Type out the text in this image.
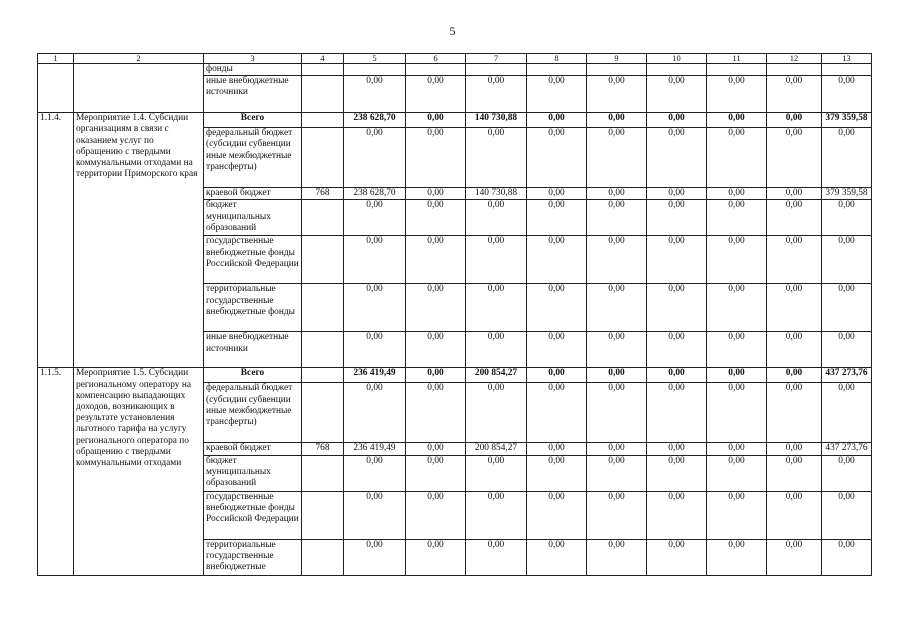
5
1	2	3	4	5	6	7	8	9	10	11	12	13
		фонды										
		иные внебюджетные источники		0,00	0,00	0,00	0,00	0,00	0,00	0,00	0,00	0,00
1.1.4.	Мероприятие 1.4. Субсидии организациям в связи с оказанием услуг по обращению с твердыми коммунальными отходами на территории Приморского края	Всего		238 628,70	0,00	140 730,88	0,00	0,00	0,00	0,00	0,00	379 359,58
		федеральный бюджет (субсидии субвенции иные межбюджетные трансферты)		0,00	0,00	0,00	0,00	0,00	0,00	0,00	0,00	0,00
		краевой бюджет	768	238 628,70	0,00	140 730,88	0,00	0,00	0,00	0,00	0,00	379 359,58
		бюджет муниципальных образований		0,00	0,00	0,00	0,00	0,00	0,00	0,00	0,00	0,00
		государственные внебюджетные фонды Российской Федерации		0,00	0,00	0,00	0,00	0,00	0,00	0,00	0,00	0,00
		территориальные государственные внебюджетные фонды		0,00	0,00	0,00	0,00	0,00	0,00	0,00	0,00	0,00
		иные внебюджетные источники		0,00	0,00	0,00	0,00	0,00	0,00	0,00	0,00	0,00
1.1.5.	Мероприятие 1.5. Субсидии региональному оператору на компенсацию выпадающих доходов, возникающих в результате установления льготного тарифа на услугу регионального оператора по обращению с твердыми коммунальными отходами	Всего		236 419,49	0,00	200 854,27	0,00	0,00	0,00	0,00	0,00	437 273,76
		федеральный бюджет (субсидии субвенции иные межбюджетные трансферты)		0,00	0,00	0,00	0,00	0,00	0,00	0,00	0,00	0,00
		краевой бюджет	768	236 419,49	0,00	200 854,27	0,00	0,00	0,00	0,00	0,00	437 273,76
		бюджет муниципальных образований		0,00	0,00	0,00	0,00	0,00	0,00	0,00	0,00	0,00
		государственные внебюджетные фонды Российской Федерации		0,00	0,00	0,00	0,00	0,00	0,00	0,00	0,00	0,00
		территориальные государственные внебюджетные		0,00	0,00	0,00	0,00	0,00	0,00	0,00	0,00	0,00
